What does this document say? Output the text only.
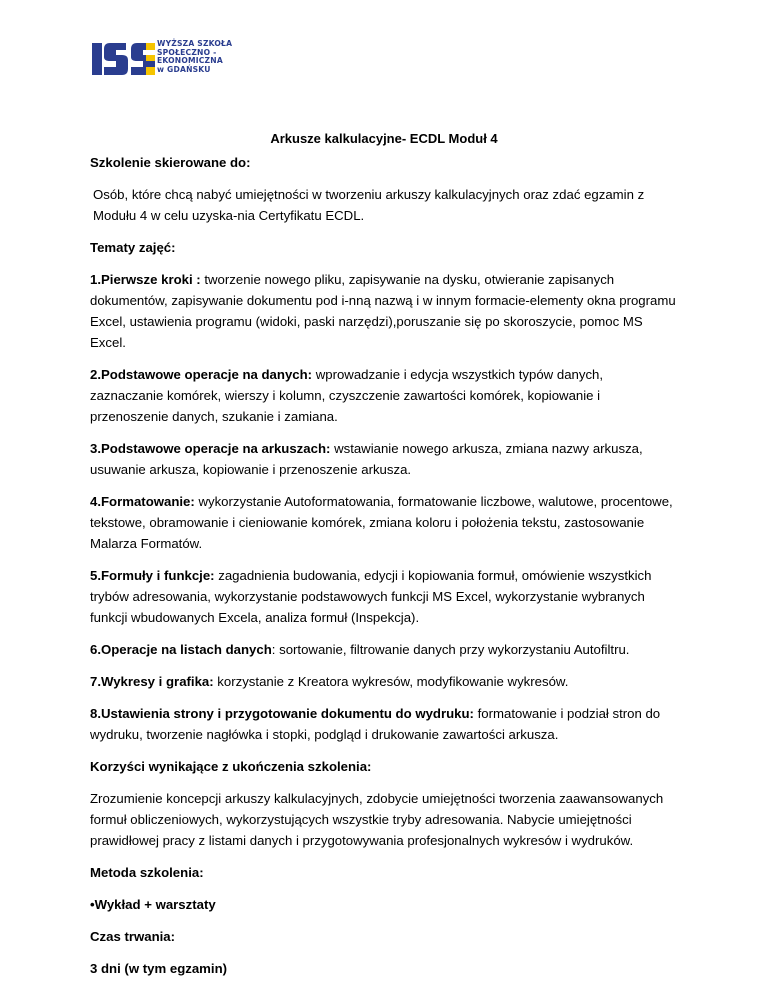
WYŻSZA SZKOŁA
SPOŁECZNO -
EKONOMICZNA
w GDAŃSKU
Arkusze kalkulacyjne- ECDL Moduł 4

Szkolenie skierowane do:

Osób, które chcą nabyć umiejętności w tworzeniu arkuszy kalkulacyjnych oraz zdać egzamin z Modułu 4 w celu uzyska-nia Certyfikatu ECDL.

Tematy zajęć:

1.Pierwsze kroki : tworzenie nowego pliku, zapisywanie na dysku, otwieranie zapisanych dokumentów, zapisywanie dokumentu pod i-nną nazwą i w innym formacie-elementy okna programu Excel, ustawienia programu (widoki, paski narzędzi),poruszanie się po skoroszycie, pomoc MS Excel.

2.Podstawowe operacje na danych: wprowadzanie i edycja wszystkich typów danych, zaznaczanie komórek, wierszy i kolumn, czyszczenie zawartości komórek, kopiowanie i przenoszenie danych, szukanie i zamiana.

3.Podstawowe operacje na arkuszach: wstawianie nowego arkusza, zmiana nazwy arkusza, usuwanie arkusza, kopiowanie i przenoszenie arkusza.

4.Formatowanie: wykorzystanie Autoformatowania, formatowanie liczbowe, walutowe, procentowe, tekstowe, obramowanie i cieniowanie komórek, zmiana koloru i położenia tekstu, zastosowanie Malarza Formatów.

5.Formuły i funkcje: zagadnienia budowania, edycji i kopiowania formuł, omówienie wszystkich trybów adresowania, wykorzystanie podstawowych funkcji MS Excel, wykorzystanie wybranych funkcji wbudowanych Excela, analiza formuł (Inspekcja).

6.Operacje na listach danych: sortowanie, filtrowanie danych przy wykorzystaniu Autofiltru.

7.Wykresy i grafika: korzystanie z Kreatora wykresów, modyfikowanie wykresów.

8.Ustawienia strony i przygotowanie dokumentu do wydruku: formatowanie i podział stron do wydruku, tworzenie nagłówka i stopki, podgląd i drukowanie zawartości arkusza.

Korzyści wynikające z ukończenia szkolenia:

Zrozumienie koncepcji arkuszy kalkulacyjnych, zdobycie umiejętności tworzenia zaawansowanych formuł obliczeniowych, wykorzystujących wszystkie tryby adresowania. Nabycie umiejętności prawidłowej pracy z listami danych i przygotowywania profesjonalnych wykresów i wydruków.

Metoda szkolenia:

•Wykład + warsztaty

Czas trwania:

3 dni (w tym egzamin)
